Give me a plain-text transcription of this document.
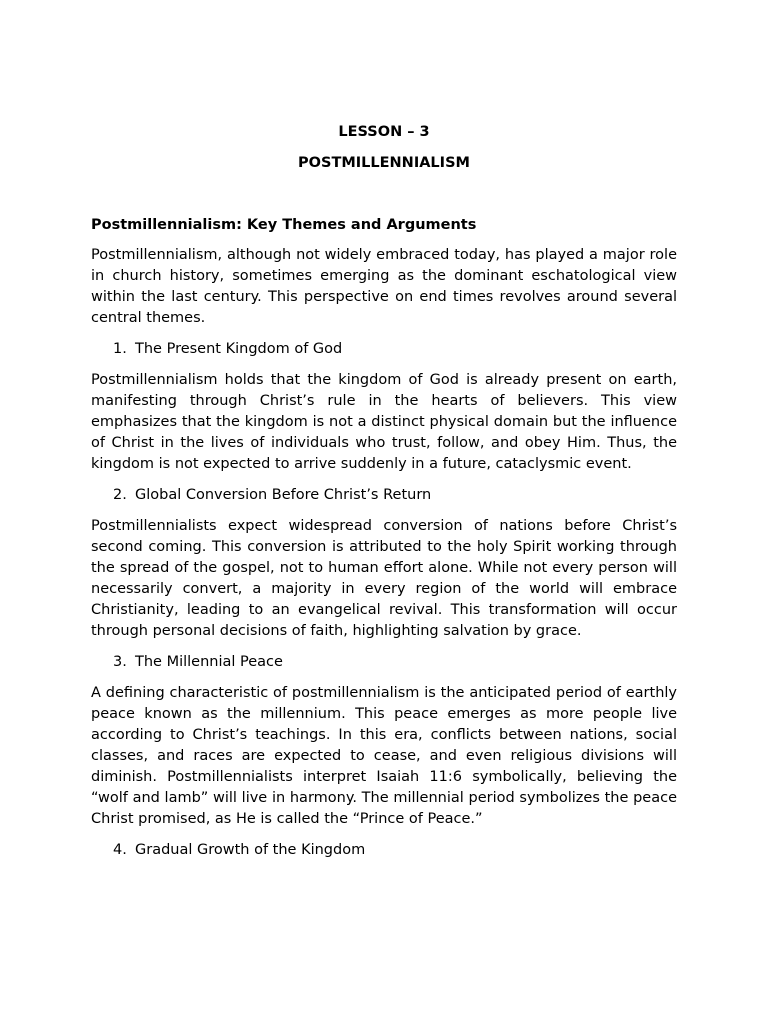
LESSON – 3

POSTMILLENNIALISM

Postmillennialism: Key Themes and Arguments

Postmillennialism, although not widely embraced today, has played a major role in church history, sometimes emerging as the dominant eschatological view within the last century. This perspective on end times revolves around several central themes.

1. The Present Kingdom of God

Postmillennialism holds that the kingdom of God is already present on earth, manifesting through Christ’s rule in the hearts of believers. This view emphasizes that the kingdom is not a distinct physical domain but the influence of Christ in the lives of individuals who trust, follow, and obey Him. Thus, the kingdom is not expected to arrive suddenly in a future, cataclysmic event.

2. Global Conversion Before Christ’s Return

Postmillennialists expect widespread conversion of nations before Christ’s second coming. This conversion is attributed to the holy Spirit working through the spread of the gospel, not to human effort alone. While not every person will necessarily convert, a majority in every region of the world will embrace Christianity, leading to an evangelical revival. This transformation will occur through personal decisions of faith, highlighting salvation by grace.

3. The Millennial Peace

A defining characteristic of postmillennialism is the anticipated period of earthly peace known as the millennium. This peace emerges as more people live according to Christ’s teachings. In this era, conflicts between nations, social classes, and races are expected to cease, and even religious divisions will diminish. Postmillennialists interpret Isaiah 11:6 symbolically, believing the “wolf and lamb” will live in harmony. The millennial period symbolizes the peace Christ promised, as He is called the “Prince of Peace.”

4. Gradual Growth of the Kingdom
